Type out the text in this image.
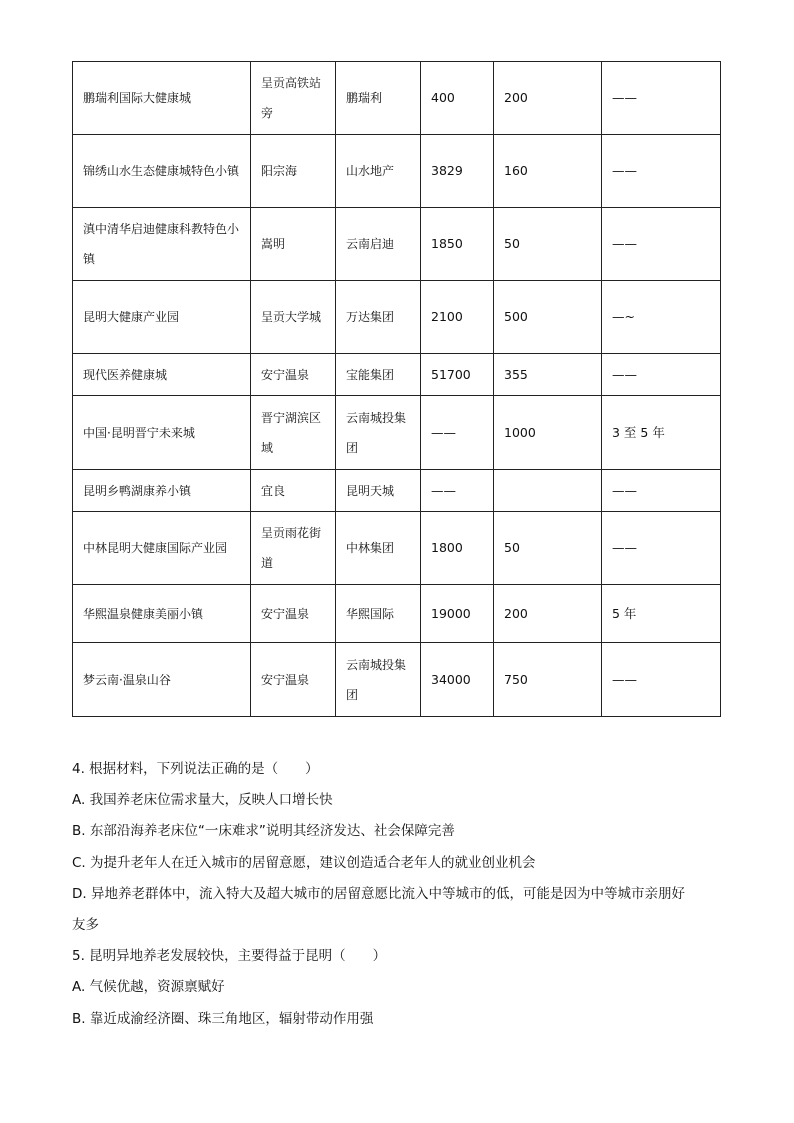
鹏瑞利国际大健康城	呈贡高铁站旁	鹏瑞利	400	200	——

锦绣山水生态健康城特色小镇	阳宗海	山水地产	3829	160	——

滇中清华启迪健康科教特色小镇	嵩明	云南启迪	1850	50	——

昆明大健康产业园	呈贡大学城	万达集团	2100	500	—~

现代医养健康城	安宁温泉	宝能集团	51700	355	——

中国·昆明晋宁未来城	晋宁湖滨区域	云南城投集团	——	1000	3 至 5 年

昆明乡鸭湖康养小镇	宜良	昆明天城	——		——

中林昆明大健康国际产业园	呈贡雨花街道	中林集团	1800	50	——

华熙温泉健康美丽小镇	安宁温泉	华熙国际	19000	200	5 年

梦云南·温泉山谷	安宁温泉	云南城投集团	34000	750	——
4. 根据材料，下列说法正确的是（　　）
A. 我国养老床位需求量大，反映人口增长快
B. 东部沿海养老床位“一床难求”说明其经济发达、社会保障完善
C. 为提升老年人在迁入城市的居留意愿，建议创造适合老年人的就业创业机会
D. 异地养老群体中，流入特大及超大城市的居留意愿比流入中等城市的低，可能是因为中等城市亲朋好
友多
5. 昆明异地养老发展较快，主要得益于昆明（　　）
A. 气候优越，资源禀赋好
B. 靠近成渝经济圈、珠三角地区，辐射带动作用强
